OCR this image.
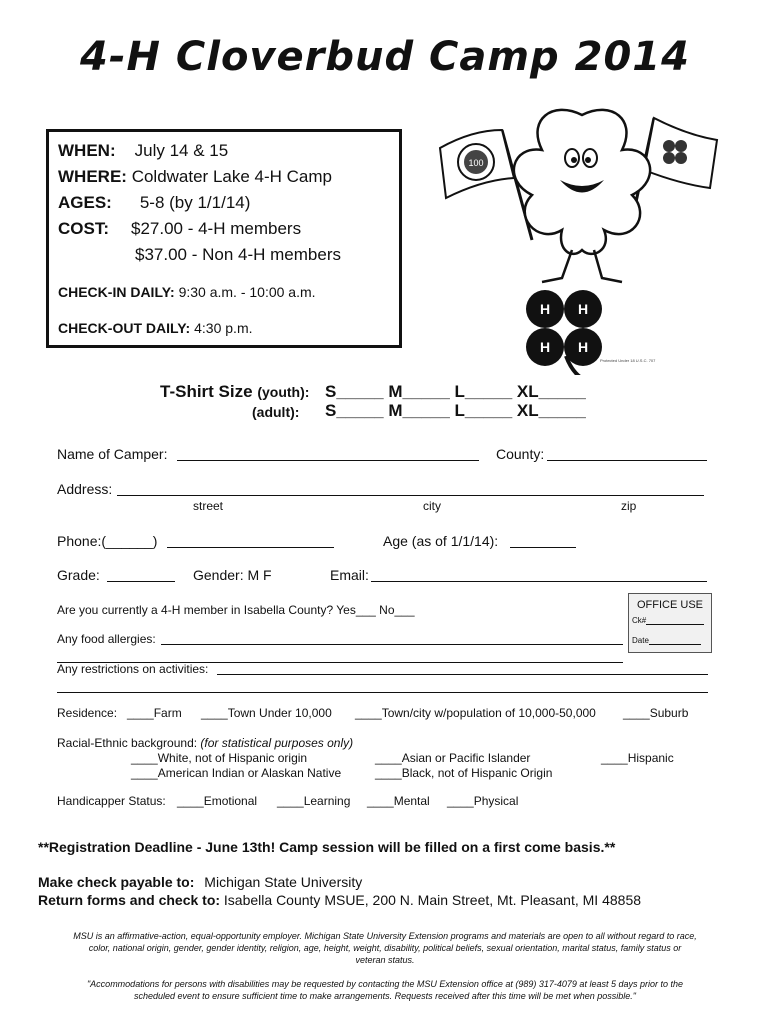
4-H Cloverbud Camp 2014
WHEN: July 14 & 15
WHERE: Coldwater Lake 4-H Camp
AGES: 5-8 (by 1/1/14)
COST: $27.00 - 4-H members
$37.00 - Non 4-H members
CHECK-IN DAILY: 9:30 a.m. - 10:00 a.m.
CHECK-OUT DAILY: 4:30 p.m.
100
H H
H H
Protected Under 18 U.S.C. 707
T-Shirt Size (youth): S_____ M_____ L_____ XL_____
(adult): S_____ M_____ L_____ XL_____
Name of Camper:	County:
Address:
street	city	zip
Phone:(______)	Age (as of 1/1/14):
Grade:	Gender: M F	Email:
Are you currently a 4-H member in Isabella County? Yes___ No___	OFFICE USE
Ck#
Date
Any food allergies:
Any restrictions on activities:
Residence: ____Farm ____Town Under 10,000 ____Town/city w/population of 10,000-50,000 ____Suburb
Racial-Ethnic background: (for statistical purposes only)
____White, not of Hispanic origin	____Asian or Pacific Islander	____Hispanic
____American Indian or Alaskan Native	____Black, not of Hispanic Origin
Handicapper Status: ____Emotional ____Learning ____Mental ____Physical
**Registration Deadline - June 13th! Camp session will be filled on a first come basis.**
Make check payable to: Michigan State University
Return forms and check to: Isabella County MSUE, 200 N. Main Street, Mt. Pleasant, MI 48858
MSU is an affirmative-action, equal-opportunity employer. Michigan State University Extension programs and materials are open to all without regard to race,
color, national origin, gender, gender identity, religion, age, height, weight, disability, political beliefs, sexual orientation, marital status, family status or
veteran status.
"Accommodations for persons with disabilities may be requested by contacting the MSU Extension office at (989) 317-4079 at least 5 days prior to the
scheduled event to ensure sufficient time to make arrangements. Requests received after this time will be met when possible."
